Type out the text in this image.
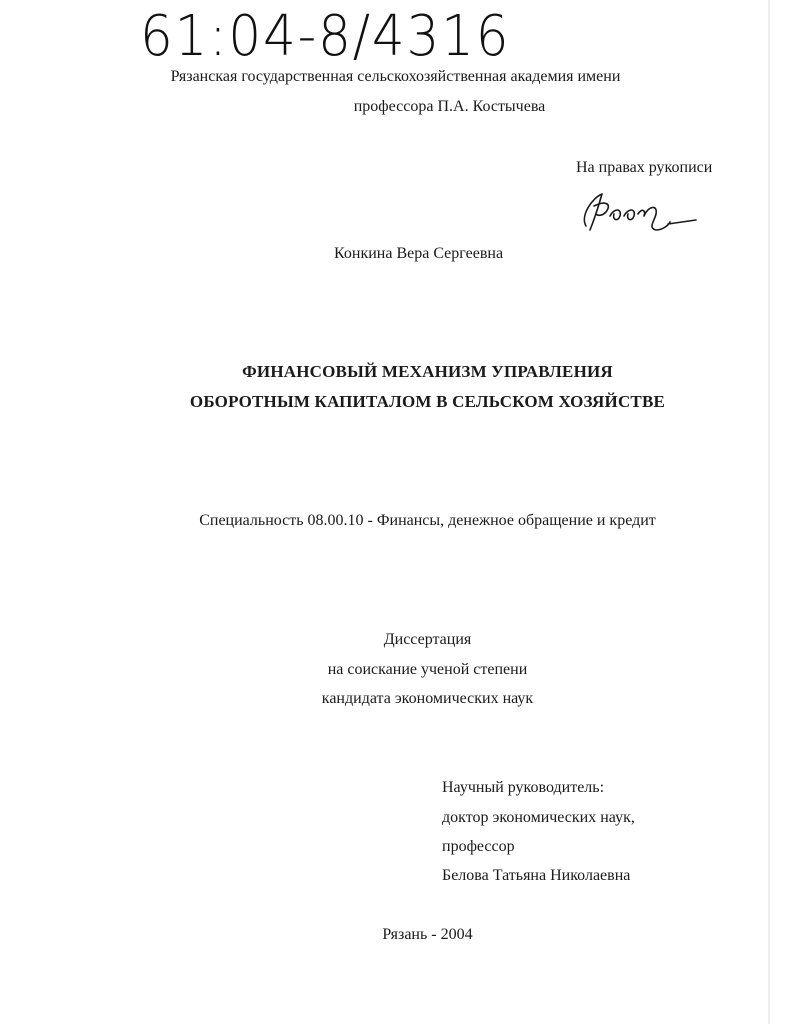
61:04-8/4316
Рязанская государственная сельскохозяйственная академия имени
профессора П.А. Костычева
На правах рукописи
Конкина Вера Сергеевна
ФИНАНСОВЫЙ МЕХАНИЗМ УПРАВЛЕНИЯ
ОБОРОТНЫМ КАПИТАЛОМ В СЕЛЬСКОМ ХОЗЯЙСТВЕ
Специальность 08.00.10 - Финансы, денежное обращение и кредит
Диссертация
на соискание ученой степени
кандидата экономических наук
Научный руководитель:
доктор экономических наук,
профессор
Белова Татьяна Николаевна
Рязань - 2004
